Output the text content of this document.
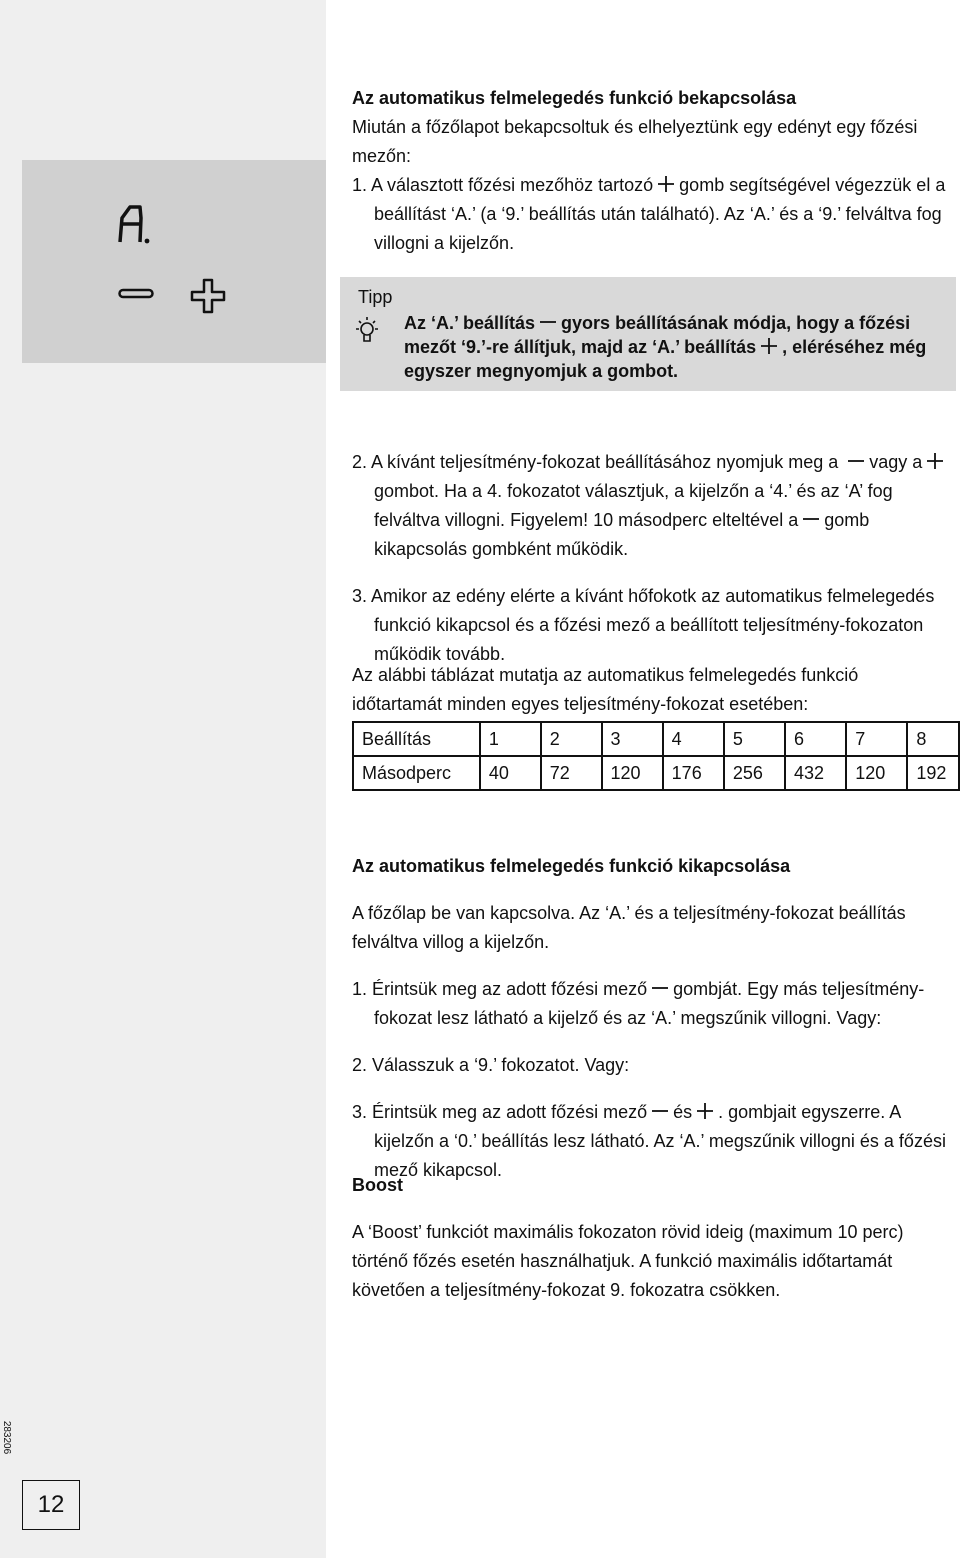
Az automatikus felmelegedés funkció bekapcsolása

Miután a főzőlapot bekapcsoltuk és elhelyeztünk egy edényt egy főzési mezőn:

1. A választott főzési mezőhöz tartozó gomb segítségével végezzük el a beállítást ‘A.’ (a ‘9.’ beállítás után található). Az ‘A.’ és a ‘9.’ felváltva fog villogni a kijelzőn.

Tipp
Az ‘A.’ beállítás gyors beállításának módja, hogy a főzési mezőt ‘9.’-re állítjuk, majd az ‘A.’ beállítás , eléréséhez még egyszer megnyomjuk a gombot.

2. A kívánt teljesítmény-fokozat beállításához nyomjuk meg a vagy a
gombot. Ha a 4. fokozatot választjuk, a kijelzőn a ‘4.’ és az ‘A’ fog felváltva villogni. Figyelem! 10 másodperc elteltével a gomb kikapcsolás gombként működik.

3. Amikor az edény elérte a kívánt hőfokotk az automatikus felmelegedés funkció kikapcsol és a főzési mező a beállított teljesítmény-fokozaton működik tovább.

Az alábbi táblázat mutatja az automatikus felmelegedés funkció időtartamát minden egyes teljesítmény-fokozat esetében:
Beállítás	1	2	3	4	5	6	7	8
Másodperc	40	72	120	176	256	432	120	192

Az automatikus felmelegedés funkció kikapcsolása

A főzőlap be van kapcsolva. Az ‘A.’ és a teljesítmény-fokozat beállítás felváltva villog a kijelzőn.

1. Érintsük meg az adott főzési mező gombját. Egy más teljesítmény-fokozat lesz látható a kijelző és az ‘A.’ megszűnik villogni. Vagy:

2. Válasszuk a ‘9.’ fokozatot. Vagy:

3. Érintsük meg az adott főzési mező és . gombjait egyszerre. A kijelzőn a ‘0.’ beállítás lesz látható. Az ‘A.’ megszűnik villogni és a főzési mező kikapcsol.

Boost

A ‘Boost’ funkciót maximális fokozaton rövid ideig (maximum 10 perc) történő főzés esetén használhatjuk. A funkció maximális időtartamát követően a teljesítmény-fokozat 9. fokozatra csökken.

283206
12
